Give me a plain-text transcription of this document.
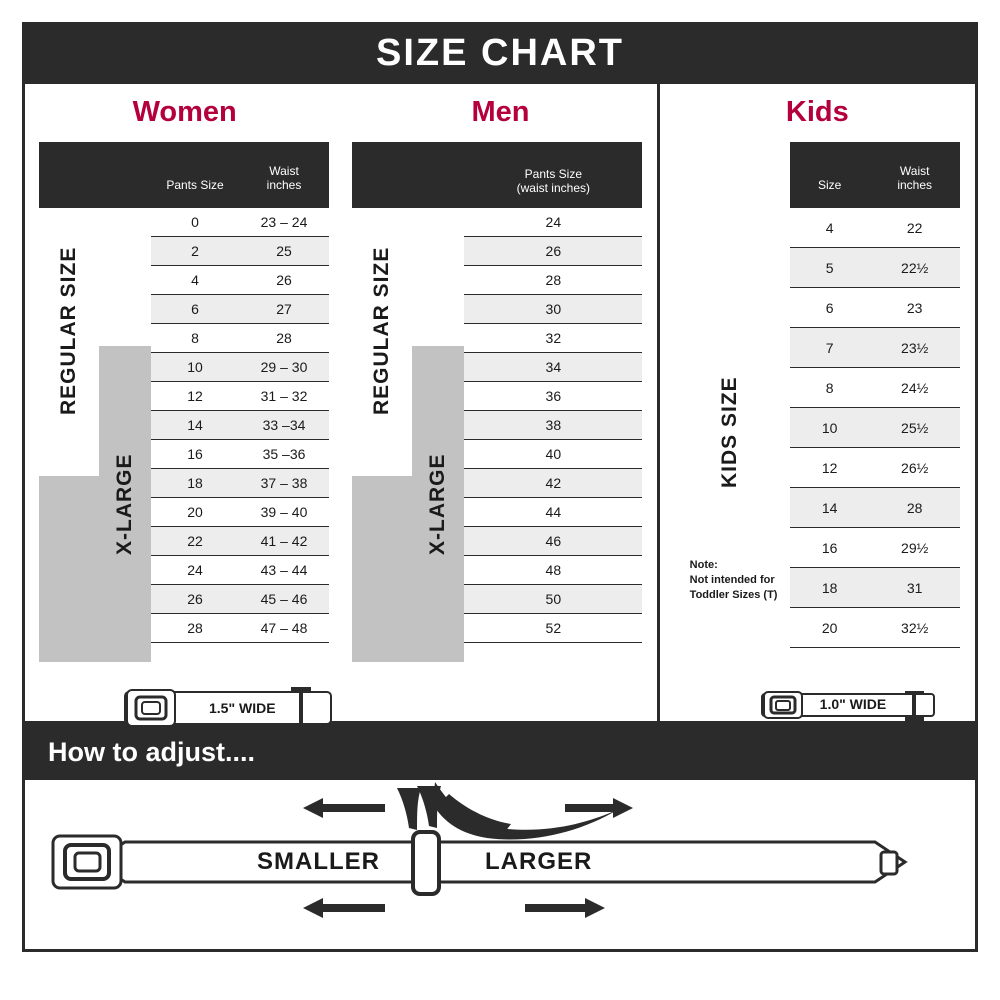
SIZE CHART
Women
REGULAR SIZE
X-LARGE
Pants Size
Waist
inches
0	23 – 24
2	25
4	26
6	27
8	28
10	29 – 30
12	31 – 32
14	33 –34
16	35 –36
18	37 – 38
20	39 – 40
22	41 – 42
24	43 – 44
26	45 – 46
28	47 – 48
1.5" WIDE
Men
REGULAR SIZE
X-LARGE
Pants Size
(waist inches)
24
26
28
30
32
34
36
38
40
42
44
46
48
50
52
Kids
KIDS SIZE
Size
Waist
inches
4	22
5	22½
6	23
7	23½
8	24½
10	25½
12	26½
14	28
16	29½
18	31
20	32½
Note:
Not intended for
Toddler Sizes (T)
1.0" WIDE
How to adjust....
SMALLER	LARGER
